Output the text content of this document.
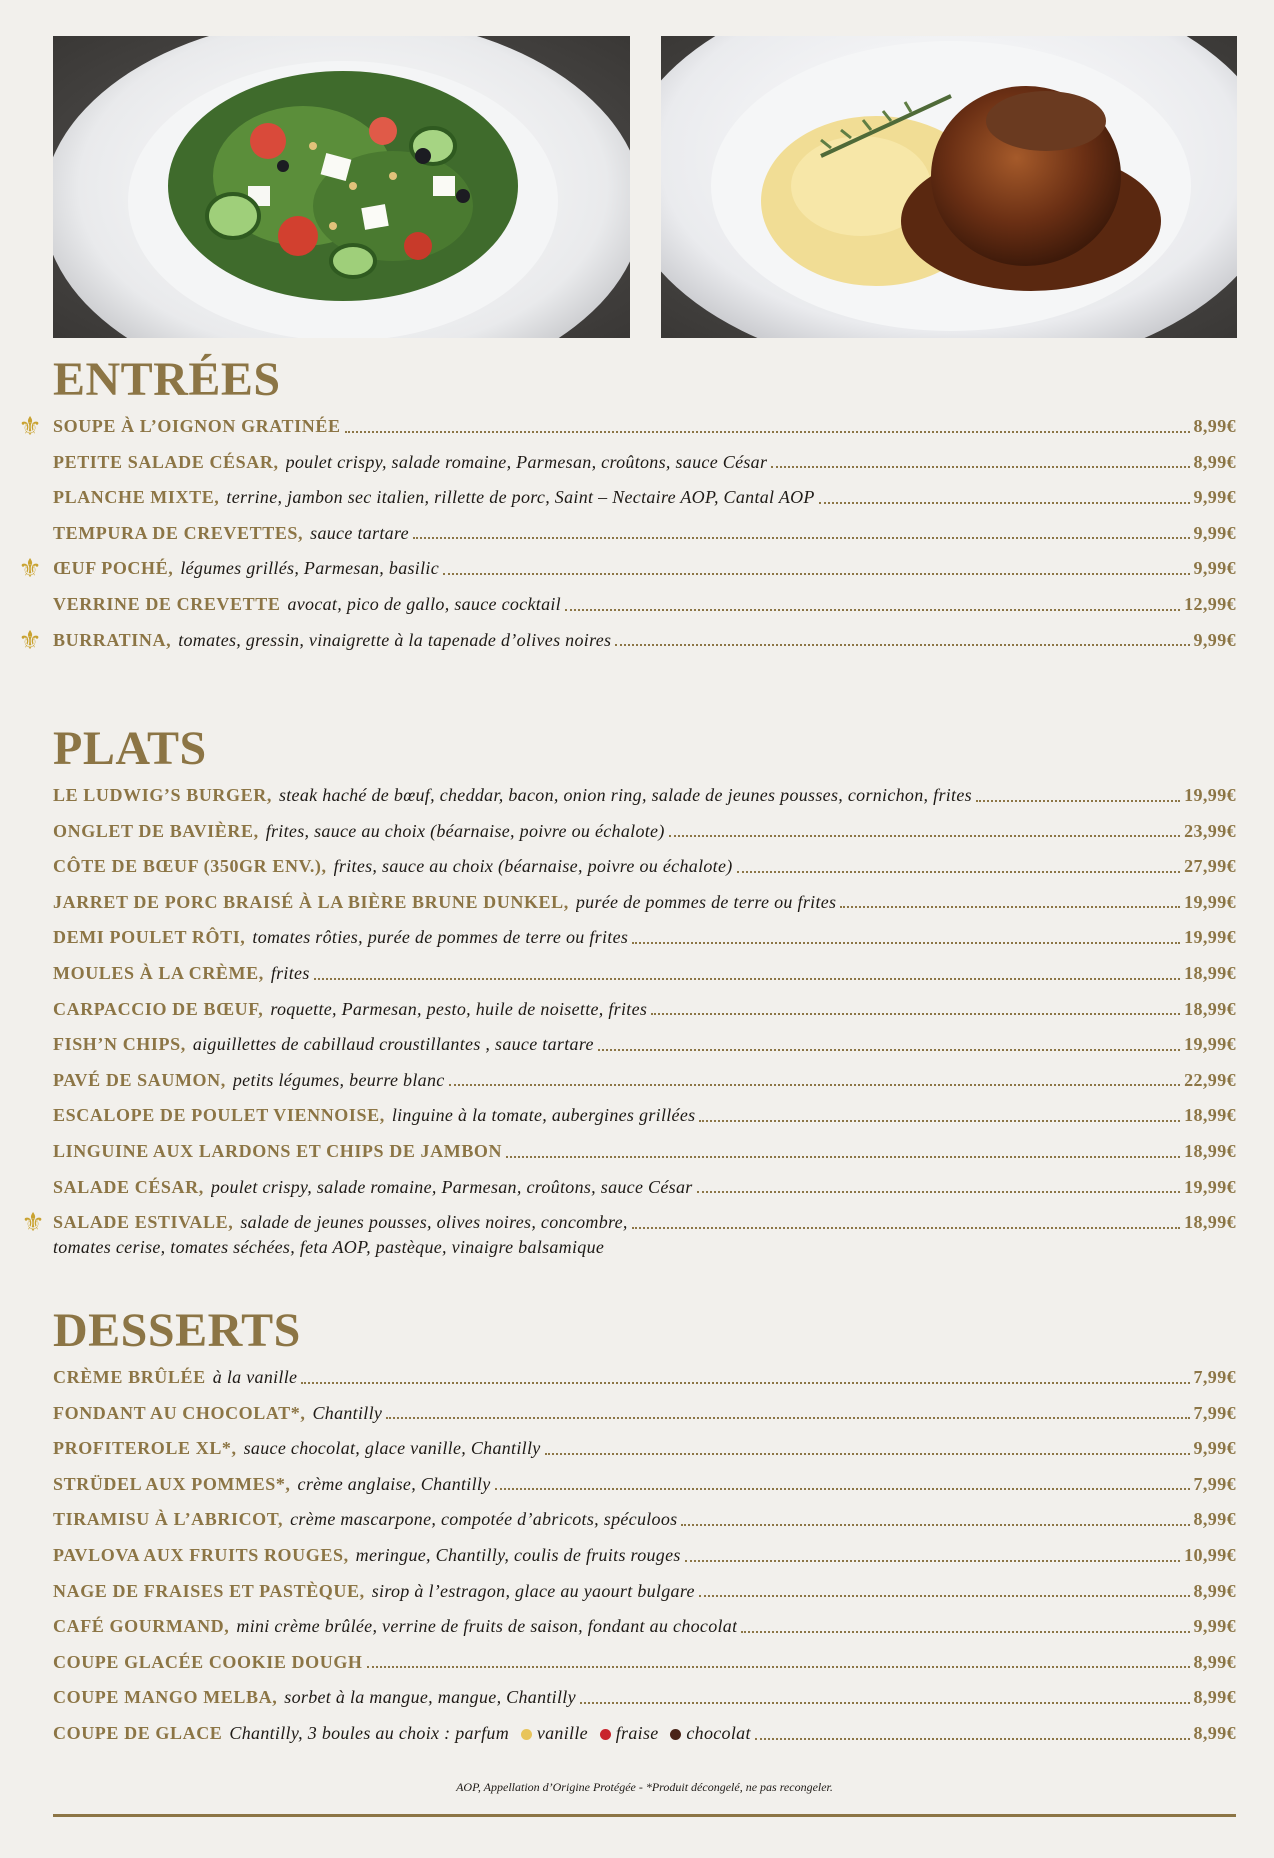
ENTRÉES
⚜ SOUPE À L’OIGNON GRATINÉE	8,99€
PETITE SALADE CÉSAR, poulet crispy, salade romaine, Parmesan, croûtons, sauce César	8,99€
PLANCHE MIXTE, terrine, jambon sec italien, rillette de porc, Saint – Nectaire AOP, Cantal AOP	9,99€
TEMPURA DE CREVETTES, sauce tartare	9,99€
⚜ ŒUF POCHÉ, légumes grillés, Parmesan, basilic	9,99€
VERRINE DE CREVETTE avocat, pico de gallo, sauce cocktail	12,99€
⚜ BURRATINA, tomates, gressin, vinaigrette à la tapenade d’olives noires	9,99€
PLATS
LE LUDWIG’S BURGER, steak haché de bœuf, cheddar, bacon, onion ring, salade de jeunes pousses, cornichon, frites	19,99€
ONGLET DE BAVIÈRE, frites, sauce au choix (béarnaise, poivre ou échalote)	23,99€
CÔTE DE BŒUF (350GR ENV.), frites, sauce au choix (béarnaise, poivre ou échalote)	27,99€
JARRET DE PORC BRAISÉ À LA BIÈRE BRUNE DUNKEL, purée de pommes de terre ou frites	19,99€
DEMI POULET RÔTI, tomates rôties, purée de pommes de terre ou frites	19,99€
MOULES À LA CRÈME, frites	18,99€
CARPACCIO DE BŒUF, roquette, Parmesan, pesto, huile de noisette, frites	18,99€
FISH’N CHIPS, aiguillettes de cabillaud croustillantes , sauce tartare	19,99€
PAVÉ DE SAUMON, petits légumes, beurre blanc	22,99€
ESCALOPE DE POULET VIENNOISE, linguine à la tomate, aubergines grillées	18,99€
LINGUINE AUX LARDONS ET CHIPS DE JAMBON	18,99€
SALADE CÉSAR, poulet crispy, salade romaine, Parmesan, croûtons, sauce César	19,99€
⚜ SALADE ESTIVALE, salade de jeunes pousses, olives noires, concombre,	18,99€
tomates cerise, tomates séchées, feta AOP, pastèque, vinaigre balsamique
DESSERTS
CRÈME BRÛLÉE à la vanille	7,99€
FONDANT AU CHOCOLAT*, Chantilly	7,99€
PROFITEROLE XL*, sauce chocolat, glace vanille, Chantilly	9,99€
STRÜDEL AUX POMMES*, crème anglaise, Chantilly	7,99€
TIRAMISU À L’ABRICOT, crème mascarpone, compotée d’abricots, spéculoos	8,99€
PAVLOVA AUX FRUITS ROUGES, meringue, Chantilly, coulis de fruits rouges	10,99€
NAGE DE FRAISES ET PASTÈQUE, sirop à l’estragon, glace au yaourt bulgare	8,99€
CAFÉ GOURMAND, mini crème brûlée, verrine de fruits de saison, fondant au chocolat	9,99€
COUPE GLACÉE COOKIE DOUGH	8,99€
COUPE MANGO MELBA, sorbet à la mangue, mangue, Chantilly	8,99€
COUPE DE GLACE Chantilly, 3 boules au choix : parfum vanille fraise chocolat	8,99€
AOP, Appellation d’Origine Protégée - *Produit décongelé, ne pas recongeler.
